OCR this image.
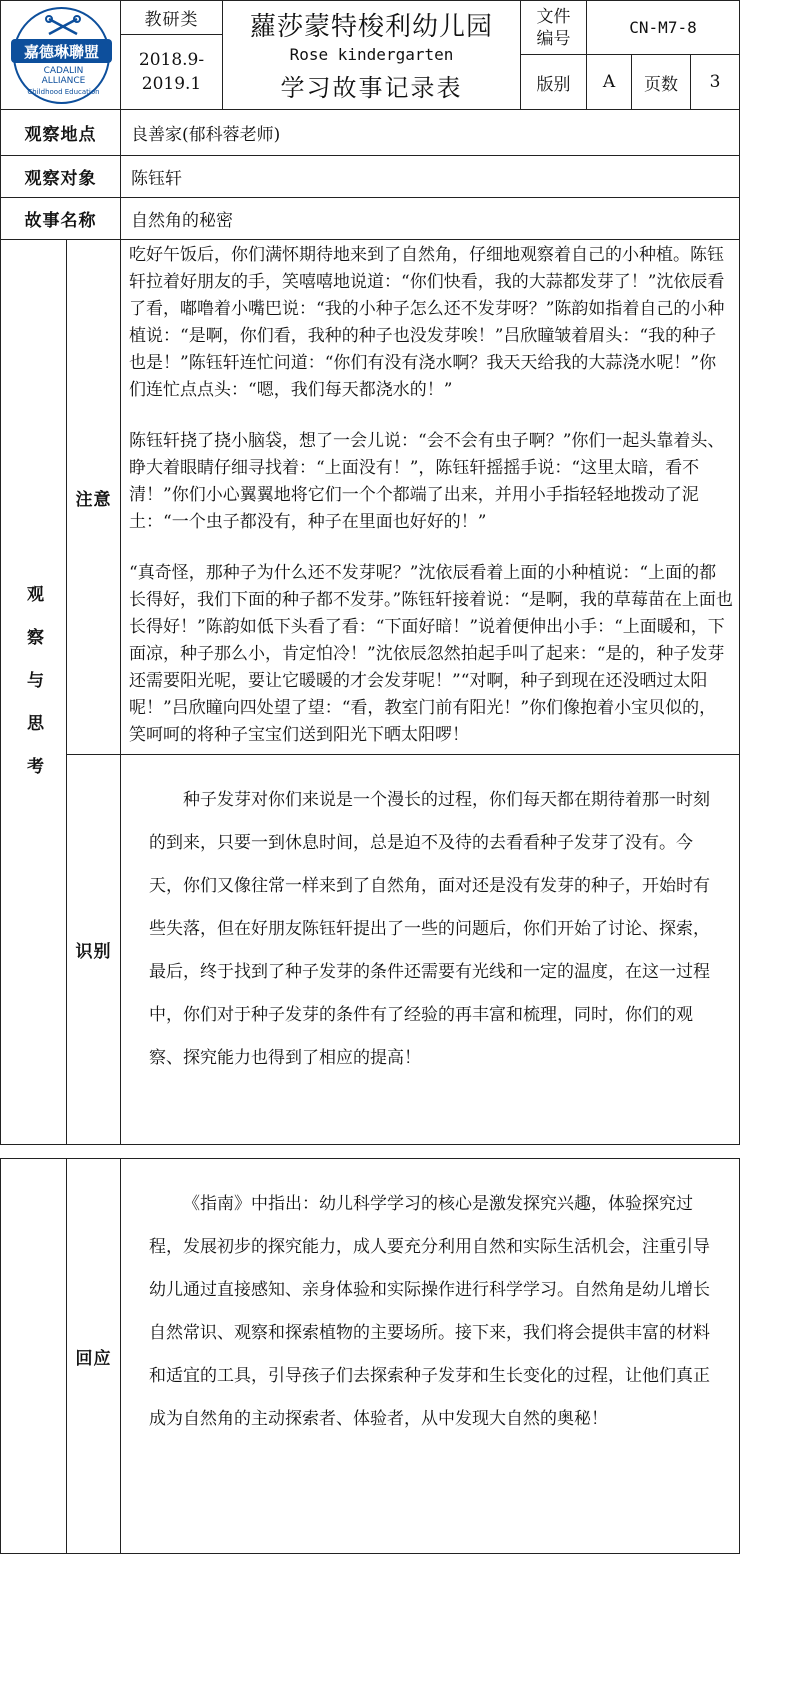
嘉德琳聯盟
CADALIN
ALLIANCE
Childhood Education
教研类
2018.9-
2019.1
蘿莎蒙特梭利幼儿园
Rose kindergarten
学习故事记录表
文件
编号
CN-M7-8
版别	A	页数	3
观察地点	良善家(郁科蓉老师)
观察对象	陈钰轩
故事名称	自然角的秘密
观察与思考
注意

吃好午饭后，你们满怀期待地来到了自然角，仔细地观察着自己的小种植。陈钰轩拉着好朋友的手，笑嘻嘻地说道：“你们快看，我的大蒜都发芽了！”沈依辰看了看，嘟噜着小嘴巴说：“我的小种子怎么还不发芽呀？”陈韵如指着自己的小种植说：“是啊，你们看，我种的种子也没发芽唉！”吕欣瞳皱着眉头：“我的种子也是！”陈钰轩连忙问道：“你们有没有浇水啊？我天天给我的大蒜浇水呢！”你们连忙点点头：“嗯，我们每天都浇水的！”

陈钰轩挠了挠小脑袋，想了一会儿说：“会不会有虫子啊？”你们一起头靠着头、睁大着眼睛仔细寻找着：“上面没有！”，陈钰轩摇摇手说：“这里太暗，看不清！”你们小心翼翼地将它们一个个都端了出来，并用小手指轻轻地拨动了泥土：“一个虫子都没有，种子在里面也好好的！”

“真奇怪，那种子为什么还不发芽呢？”沈依辰看着上面的小种植说：“上面的都长得好，我们下面的种子都不发芽。”陈钰轩接着说：“是啊，我的草莓苗在上面也长得好！”陈韵如低下头看了看：“下面好暗！”说着便伸出小手：“上面暖和，下面凉，种子那么小，肯定怕冷！”沈依辰忽然拍起手叫了起来：“是的，种子发芽还需要阳光呢，要让它暖暖的才会发芽呢！”“对啊，种子到现在还没晒过太阳呢！”吕欣瞳向四处望了望：“看，教室门前有阳光！”你们像抱着小宝贝似的，笑呵呵的将种子宝宝们送到阳光下晒太阳啰！

识别

种子发芽对你们来说是一个漫长的过程，你们每天都在期待着那一时刻的到来，只要一到休息时间，总是迫不及待的去看看种子发芽了没有。今天，你们又像往常一样来到了自然角，面对还是没有发芽的种子，开始时有些失落，但在好朋友陈钰轩提出了一些的问题后，你们开始了讨论、探索，最后，终于找到了种子发芽的条件还需要有光线和一定的温度，在这一过程中，你们对于种子发芽的条件有了经验的再丰富和梳理，同时，你们的观察、探究能力也得到了相应的提高！

回应

《指南》中指出：幼儿科学学习的核心是激发探究兴趣，体验探究过程，发展初步的探究能力，成人要充分利用自然和实际生活机会，注重引导幼儿通过直接感知、亲身体验和实际操作进行科学学习。自然角是幼儿增长自然常识、观察和探索植物的主要场所。接下来，我们将会提供丰富的材料和适宜的工具，引导孩子们去探索种子发芽和生长变化的过程，让他们真正成为自然角的主动探索者、体验者，从中发现大自然的奥秘！
